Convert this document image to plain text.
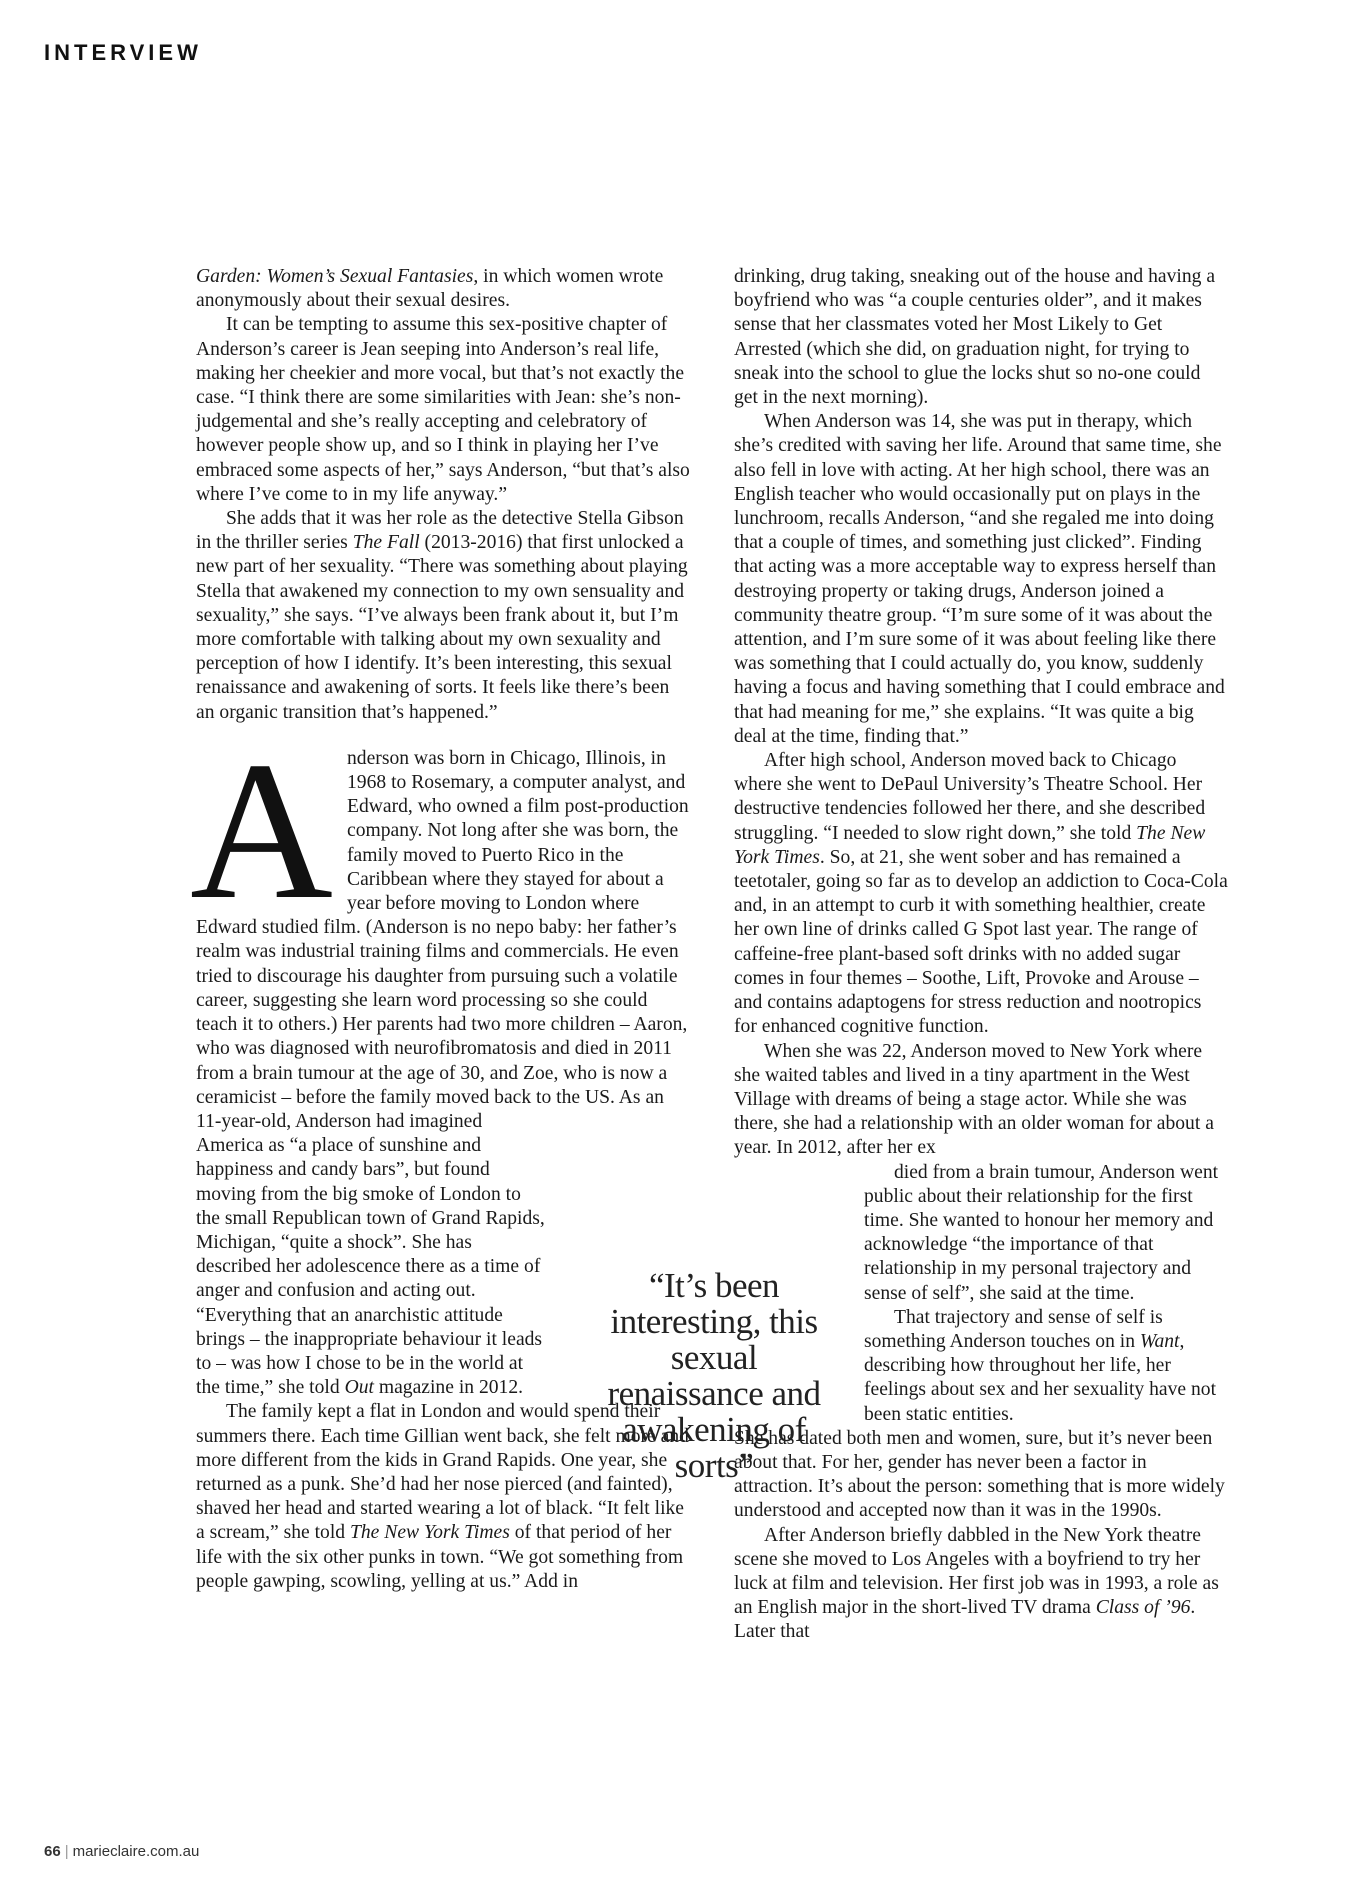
INTERVIEW

Garden: Women’s Sexual Fantasies, in which women wrote anonymously about their sexual desires.

It can be tempting to assume this sex-positive chapter of Anderson’s career is Jean seeping into Anderson’s real life, making her cheekier and more vocal, but that’s not exactly the case. “I think there are some similarities with Jean: she’s non-judgemental and she’s really accepting and celebratory of however people show up, and so I think in playing her I’ve embraced some aspects of her,” says Anderson, “but that’s also where I’ve come to in my life anyway.”

She adds that it was her role as the detective Stella Gibson in the thriller series The Fall (2013-2016) that first unlocked a new part of her sexuality. “There was something about playing Stella that awakened my connection to my own sensuality and sexuality,” she says. “I’ve always been frank about it, but I’m more comfortable with talking about my own sexuality and perception of how I identify. It’s been interesting, this sexual renaissance and awakening of sorts. It feels like there’s been an organic transition that’s happened.”

Anderson was born in Chicago, Illinois, in 1968 to Rosemary, a computer analyst, and Edward, who owned a film post-production company. Not long after she was born, the family moved to Puerto Rico in the Caribbean where they stayed for about a year before moving to London where Edward studied film. (Anderson is no nepo baby: her father’s realm was industrial training films and commercials. He even tried to discourage his daughter from pursuing such a volatile career, suggesting she learn word processing so she could teach it to others.) Her parents had two more children – Aaron, who was diagnosed with neurofibromatosis and died in 2011 from a brain tumour at the age of 30, and Zoe, who is now a ceramicist – before the family moved back to the US. As an 11-year-old, Anderson had imagined

America as “a place of sunshine and happiness and candy bars”, but found moving from the big smoke of London to the small Republican town of Grand Rapids, Michigan, “quite a shock”. She has described her adolescence there as a time of anger and confusion and acting out. “Everything that an anarchistic attitude brings – the inappropriate behaviour it leads to – was how I chose to be in the world at the time,” she told Out magazine in 2012.

The family kept a flat in London and would spend their summers there. Each time Gillian went back, she felt more and more different from the kids in Grand Rapids. One year, she returned as a punk. She’d had her nose pierced (and fainted), shaved her head and started wearing a lot of black. “It felt like a scream,” she told The New York Times of that period of her life with the six other punks in town. “We got something from people gawping, scowling, yelling at us.” Add in

drinking, drug taking, sneaking out of the house and having a boyfriend who was “a couple centuries older”, and it makes sense that her classmates voted her Most Likely to Get Arrested (which she did, on graduation night, for trying to sneak into the school to glue the locks shut so no-one could get in the next morning).

When Anderson was 14, she was put in therapy, which she’s credited with saving her life. Around that same time, she also fell in love with acting. At her high school, there was an English teacher who would occasionally put on plays in the lunchroom, recalls Anderson, “and she regaled me into doing that a couple of times, and something just clicked”. Finding that acting was a more acceptable way to express herself than destroying property or taking drugs, Anderson joined a community theatre group. “I’m sure some of it was about the attention, and I’m sure some of it was about feeling like there was something that I could actually do, you know, suddenly having a focus and having something that I could embrace and that had meaning for me,” she explains. “It was quite a big deal at the time, finding that.”

After high school, Anderson moved back to Chicago where she went to DePaul University’s Theatre School. Her destructive tendencies followed her there, and she described struggling. “I needed to slow right down,” she told The New York Times. So, at 21, she went sober and has remained a teetotaler, going so far as to develop an addiction to Coca-Cola and, in an attempt to curb it with something healthier, create her own line of drinks called G Spot last year. The range of caffeine-free plant-based soft drinks with no added sugar comes in four themes – Soothe, Lift, Provoke and Arouse – and contains adaptogens for stress reduction and nootropics for enhanced cognitive function.

When she was 22, Anderson moved to New York where she waited tables and lived in a tiny apartment in the West Village with dreams of being a stage actor. While she was there, she had a relationship with an older woman for about a year. In 2012, after her ex

died from a brain tumour, Anderson went public about their relationship for the first time. She wanted to honour her memory and acknowledge “the importance of that relationship in my personal trajectory and sense of self”, she said at the time.

That trajectory and sense of self is something Anderson touches on in Want, describing how throughout her life, her feelings about sex and her sexuality have not been static entities.

She has dated both men and women, sure, but it’s never been about that. For her, gender has never been a factor in attraction. It’s about the person: something that is more widely understood and accepted now than it was in the 1990s.

After Anderson briefly dabbled in the New York theatre scene she moved to Los Angeles with a boyfriend to try her luck at film and television. Her first job was in 1993, a role as an English major in the short-lived TV drama Class of ’96. Later that

“It’s been interesting, this sexual renaissance and awakening of sorts”

66 | marieclaire.com.au
